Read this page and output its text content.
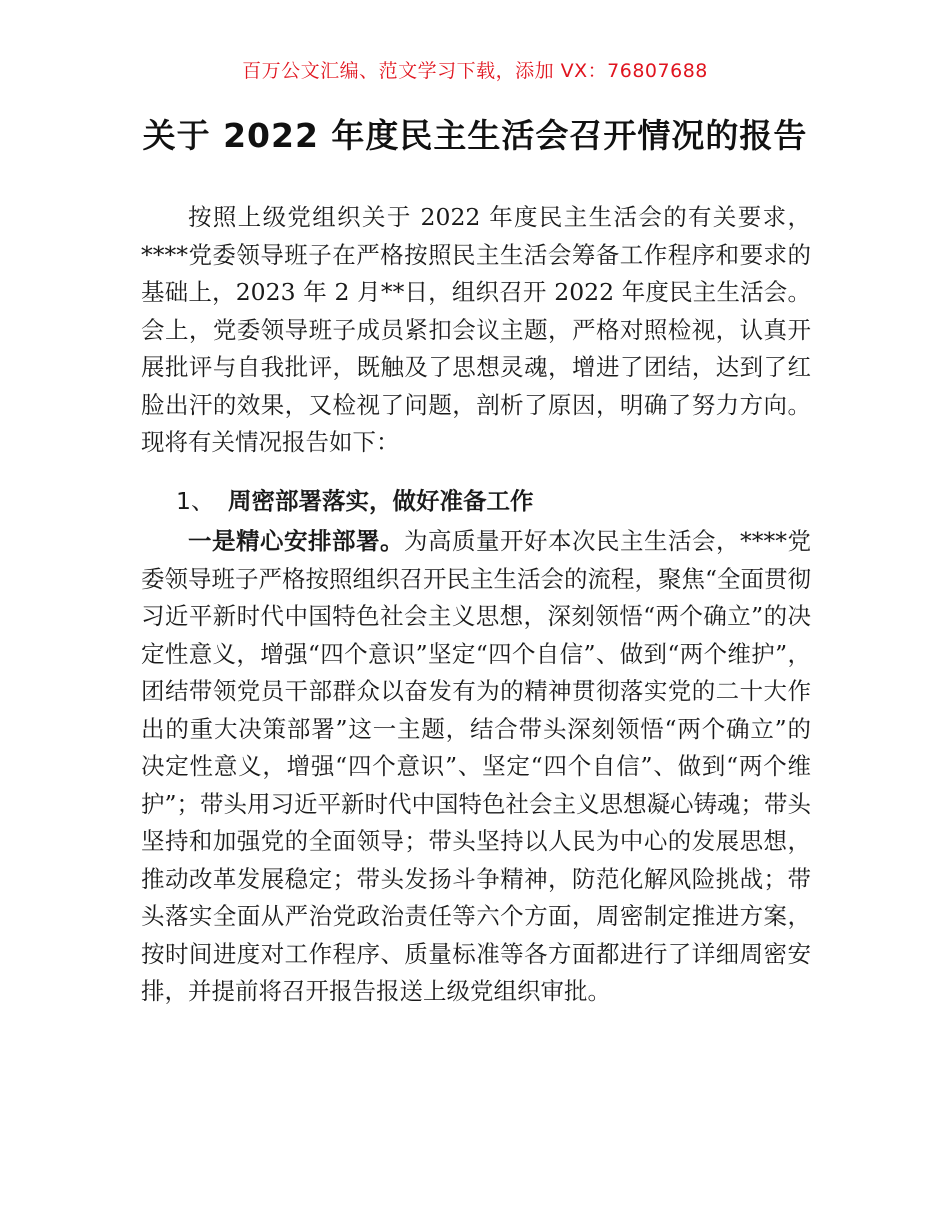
百万公文汇编、范文学习下载，添加 VX：76807688
关于 2022 年度民主生活会召开情况的报告

按照上级党组织关于 2022 年度民主生活会的有关要求，****党委领导班子在严格按照民主生活会筹备工作程序和要求的基础上，2023 年 2 月**日，组织召开 2022 年度民主生活会。会上，党委领导班子成员紧扣会议主题，严格对照检视，认真开展批评与自我批评，既触及了思想灵魂，增进了团结，达到了红脸出汗的效果，又检视了问题，剖析了原因，明确了努力方向。现将有关情况报告如下：

1、 周密部署落实，做好准备工作

一是精心安排部署。为高质量开好本次民主生活会，****党委领导班子严格按照组织召开民主生活会的流程，聚焦“全面贯彻习近平新时代中国特色社会主义思想，深刻领悟“两个确立”的决定性意义，增强“四个意识”坚定“四个自信”、做到“两个维护”，团结带领党员干部群众以奋发有为的精神贯彻落实党的二十大作出的重大决策部署”这一主题，结合带头深刻领悟“两个确立”的决定性意义，增强“四个意识”、坚定“四个自信”、做到“两个维护”；带头用习近平新时代中国特色社会主义思想凝心铸魂；带头坚持和加强党的全面领导；带头坚持以人民为中心的发展思想，推动改革发展稳定；带头发扬斗争精神，防范化解风险挑战；带头落实全面从严治党政治责任等六个方面，周密制定推进方案，按时间进度对工作程序、质量标准等各方面都进行了详细周密安排，并提前将召开报告报送上级党组织审批。
